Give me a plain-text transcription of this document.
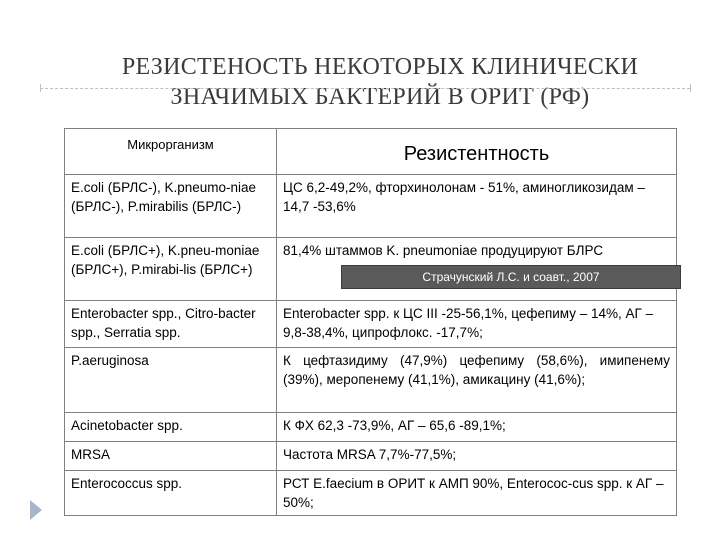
РЕЗИСТЕНОСТЬ НЕКОТОРЫХ КЛИНИЧЕСКИ
ЗНАЧИМЫХ БАКТЕРИЙ В ОРИТ (РФ)
Микрорганизм	Резистентность
E.coli (БРЛС-), K.pneumo-niae (БРЛС-), P.mirabilis (БРЛС-)	ЦС 6,2-49,2%, фторхинолонам - 51%, аминогликозидам – 14,7 -53,6%
E.coli (БРЛС+), K.pneu-moniae (БРЛС+), P.mirabi-lis (БРЛС+)	81,4% штаммов K. pneumoniae продуцируют БЛРС
Enterobacter spp., Citro-bacter spp., Serratia spp.	Enterobacter spp. к ЦС III -25-56,1%, цефепиму – 14%, АГ – 9,8-38,4%, ципрофлокс. -17,7%;
P.aeruginosa	К цефтазидиму (47,9%) цефепиму (58,6%), имипенему (39%), меропенему (41,1%), амикацину (41,6%);
Acinetobacter spp.	К ФХ 62,3 -73,9%, АГ – 65,6 -89,1%;
MRSA	Частота MRSA 7,7%-77,5%;
Enterococcus spp.	РСТ E.faecium в ОРИТ к АМП 90%, Enterococ-cus spp. к АГ – 50%;
Страчунский Л.С. и соавт., 2007
